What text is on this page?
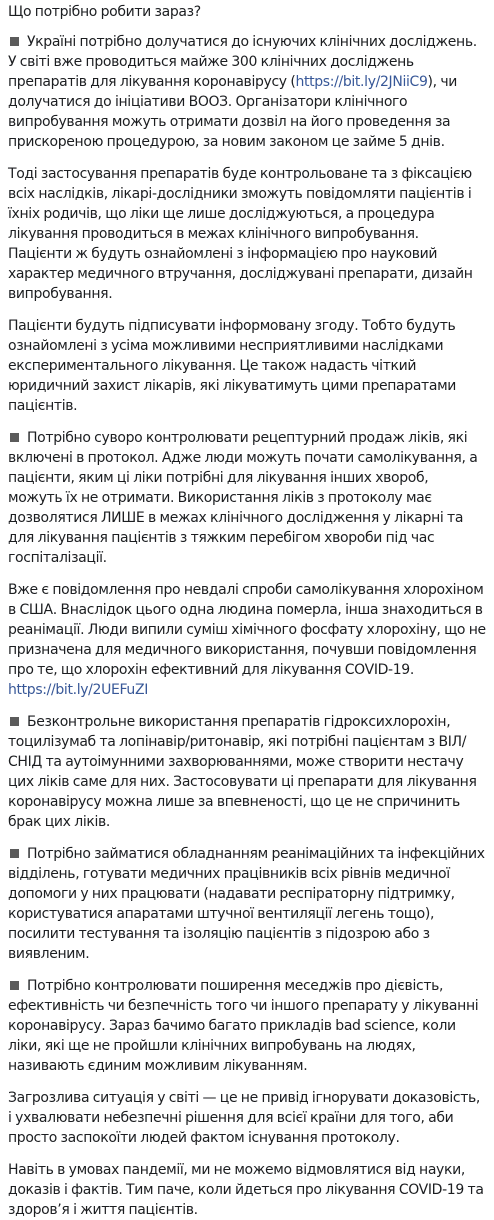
Що потрібно робити зараз?

Україні потрібно долучатися до існуючих клінічних досліджень. У світі вже проводиться майже 300 клінічних досліджень препаратів для лікування коронавірусу (https://bit.ly/2JNiiC9), чи долучатися до ініціативи ВООЗ. Організатори клінічного випробування можуть отримати дозвіл на його проведення за прискореною процедурою, за новим законом це займе 5 днів.

Тоді застосування препаратів буде контрольоване та з фіксацією всіх наслідків, лікарі-дослідники зможуть повідомляти пацієнтів і їхніх родичів, що ліки ще лише досліджуються, а процедура лікування проводиться в межах клінічного випробування. Пацієнти ж будуть ознайомлені з інформацією про науковий характер медичного втручання, досліджувані препарати, дизайн випробування.

Пацієнти будуть підписувати інформовану згоду. Тобто будуть ознайомлені з усіма можливими несприятливими наслідками експериментального лікування. Це також надасть чіткий юридичний захист лікарів, які лікуватимуть цими препаратами пацієнтів.

Потрібно суворо контролювати рецептурний продаж ліків, які включені в протокол. Адже люди можуть почати самолікування, а пацієнти, яким ці ліки потрібні для лікування інших хвороб, можуть їх не отримати. Використання ліків з протоколу має дозволятися ЛИШЕ в межах клінічного дослідження у лікарні та для лікування пацієнтів з тяжким перебігом хвороби під час госпіталізації.

Вже є повідомлення про невдалі спроби самолікування хлорохіном в США. Внаслідок цього одна людина померла, інша знаходиться в реанімації. Люди випили суміш хімічного фосфату хлорохіну, що не призначена для медичного використання, почувши повідомлення про те, що хлорохін ефективний для лікування COVID-19. https://bit.ly/2UEFuZI

Безконтрольне використання препаратів гідроксихлорохін, тоцилізумаб та лопінавір/ритонавір, які потрібні пацієнтам з ВІЛ/СНІД та аутоімунними захворюваннями, може створити нестачу цих ліків саме для них. Застосовувати ці препарати для лікування коронавірусу можна лише за впевненості, що це не спричинить брак цих ліків.

Потрібно займатися обладнанням реанімаційних та інфекційних відділень, готувати медичних працівників всіх рівнів медичної допомоги у них працювати (надавати респіраторну підтримку, користуватися апаратами штучної вентиляції легень тощо), посилити тестування та ізоляцію пацієнтів з підозрою або з виявленим.

Потрібно контролювати поширення меседжів про дієвість, ефективність чи безпечність того чи іншого препарату у лікуванні коронавірусу. Зараз бачимо багато прикладів bad science, коли ліки, які ще не пройшли клінічних випробувань на людях, називають єдиним можливим лікуванням.

Загрозлива ситуація у світі — це не привід ігнорувати доказовість, і ухвалювати небезпечні рішення для всієї країни для того, аби просто заспокоїти людей фактом існування протоколу.

Навіть в умовах пандемії, ми не можемо відмовлятися від науки, доказів і фактів. Тим паче, коли йдеться про лікування COVID-19 та здоров’я і життя пацієнтів.
